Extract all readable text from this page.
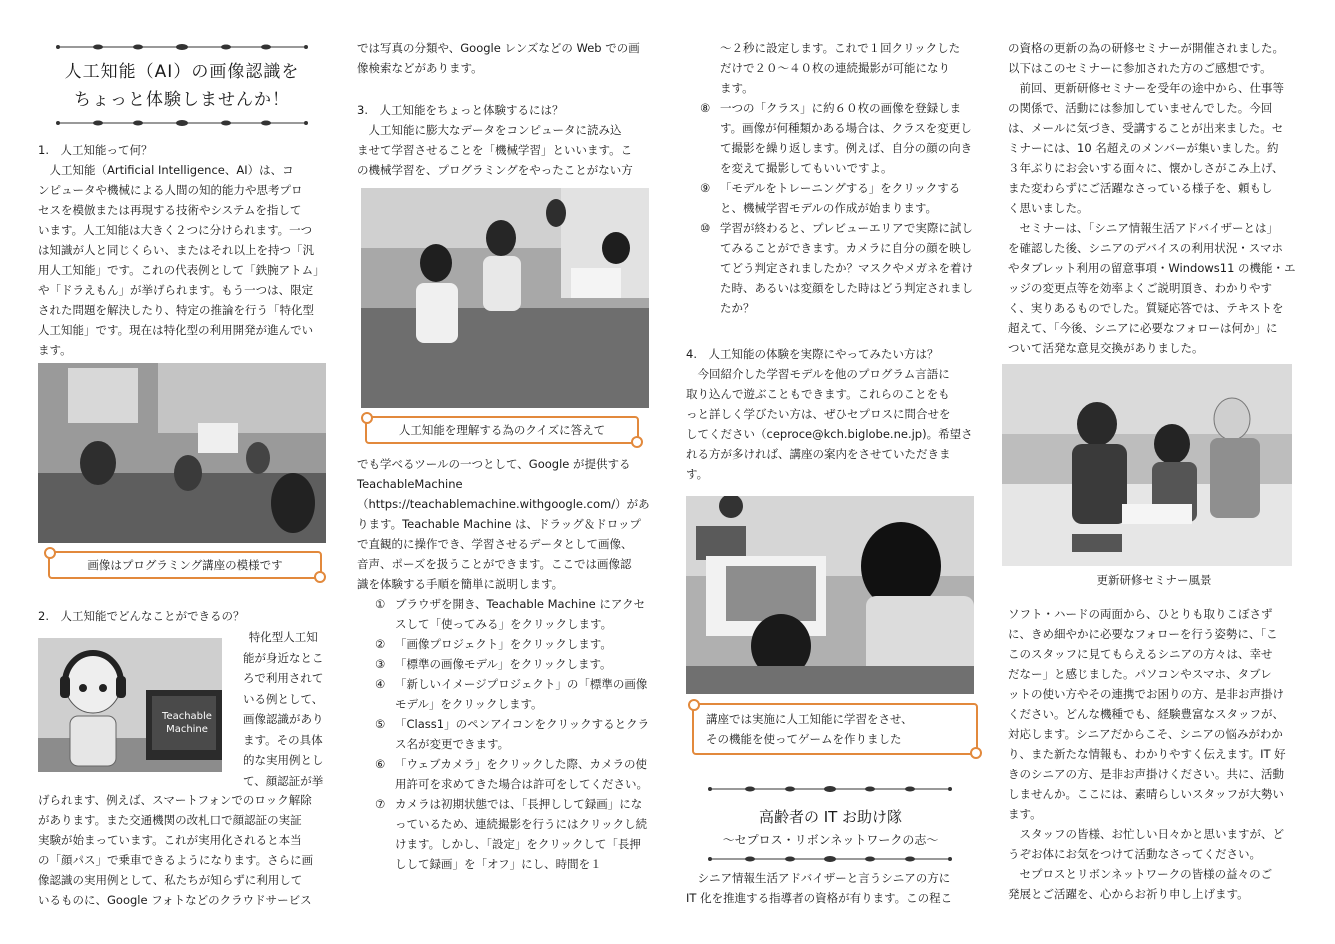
人工知能（AI）の画像認識を
ちょっと体験しませんか！

1.　人工知能って何？

人工知能（Artificial Intelligence、AI）は、コ

ンピュータや機械による人間の知的能力や思考プロ

セスを模倣または再現する技術やシステムを指して

います。人工知能は大きく２つに分けられます。一つ

は知識が人と同じくらい、またはそれ以上を持つ「汎

用人工知能」です。これの代表例として「鉄腕アトム」

や「ドラえもん」が挙げられます。もう一つは、限定

された問題を解決したり、特定の推論を行う「特化型

人工知能」です。現在は特化型の利用開発が進んでい

ます。

画像はプログラミング講座の模様です

2.　人工知能でどんなことができるの？

Teachable Machine

特化型人工知

能が身近なとこ

ろで利用されて

いる例として、

画像認識があり

ます。その具体

的な実用例とし

て、顔認証が挙

げられます、例えば、スマートフォンでのロック解除

があります。また交通機関の改札口で顔認証の実証

実験が始まっています。これが実用化されると本当

の「顔パス」で乗車できるようになります。さらに画

像認識の実用例として、私たちが知らずに利用して

いるものに、Google フォトなどのクラウドサービス

では写真の分類や、Google レンズなどの Web での画

像検索などがあります。

3.　人工知能をちょっと体験するには？

人工知能に膨大なデータをコンピュータに読み込

ませて学習させることを「機械学習」といいます。こ

の機械学習を、プログラミングをやったことがない方

人工知能を理解する為のクイズに答えて

でも学べるツールの一つとして、Google が提供する

TeachableMachine

（https://teachablemachine.withgoogle.com/）があ

ります。Teachable Machine は、ドラッグ＆ドロップ

で直観的に操作でき、学習させるデータとして画像、

音声、ポーズを扱うことができます。ここでは画像認

識を体験する手順を簡単に説明します。

① ブラウザを開き、Teachable Machine にアクセスして「使ってみる」をクリックします。
② 「画像プロジェクト」をクリックします。
③ 「標準の画像モデル」をクリックします。
④ 「新しいイメージプロジェクト」の「標準の画像モデル」をクリックします。
⑤ 「Class1」のペンアイコンをクリックするとクラス名が変更できます。
⑥ 「ウェブカメラ」をクリックした際、カメラの使用許可を求めてきた場合は許可をしてください。
⑦ カメラは初期状態では、「長押しして録画」になっているため、連続撮影を行うにはクリックし続けます。しかし、「設定」をクリックして「長押しして録画」を「オフ」にし、時間を１

～２秒に設定します。これで１回クリックした

だけで２０～４０枚の連続撮影が可能になり

ます。

⑧ 一つの「クラス」に約６０枚の画像を登録します。画像が何種類かある場合は、クラスを変更して撮影を繰り返します。例えば、自分の顔の向きを変えて撮影してもいいですよ。
⑨ 「モデルをトレーニングする」をクリックすると、機械学習モデルの作成が始まります。
⑩ 学習が終わると、プレビューエリアで実際に試してみることができます。カメラに自分の顔を映してどう判定されましたか？マスクやメガネを着けた時、あるいは変顔をした時はどう判定されましたか？

4.　人工知能の体験を実際にやってみたい方は？

今回紹介した学習モデルを他のプログラム言語に

取り込んで遊ぶこともできます。これらのことをも

っと詳しく学びたい方は、ぜひセプロスに問合せを

してください（ceproce@kch.biglobe.ne.jp)。希望さ

れる方が多ければ、講座の案内をさせていただきま

す。

講座では実施に人工知能に学習をさせ、
その機能を使ってゲームを作りました

高齢者の IT お助け隊

～セプロス・リボンネットワークの志～

シニア情報生活アドバイザーと言うシニアの方に

IT 化を推進する指導者の資格が有ります。この程こ

の資格の更新の為の研修セミナーが開催されました。

以下はこのセミナーに参加された方のご感想です。

前回、更新研修セミナーを受年の途中から、仕事等

の関係で、活動には参加していませんでした。今回

は、メールに気づき、受講することが出来ました。セ

ミナーには、10 名超えのメンバーが集いました。約

３年ぶりにお会いする面々に、懐かしさがこみ上げ、

また変わらずにご活躍なさっている様子を、頼もし

く思いました。

セミナーは、「シニア情報生活アドバイザーとは」

を確認した後、シニアのデバイスの利用状況・スマホ

やタブレット利用の留意事項・Windows11 の機能・エ

ッジの変更点等を効率よくご説明頂き、わかりやす

く、実りあるものでした。質疑応答では、テキストを

超えて、「今後、シニアに必要なフォローは何か」に

ついて活発な意見交換がありました。

更新研修セミナー風景

ソフト・ハードの両面から、ひとりも取りこぼさず

に、きめ細やかに必要なフォローを行う姿勢に、「こ

このスタッフに見てもらえるシニアの方々は、幸せ

だなー」と感じました。パソコンやスマホ、タブレ

ットの使い方やその連携でお困りの方、是非お声掛け

ください。どんな機種でも、経験豊富なスタッフが、

対応します。シニアだからこそ、シニアの悩みがわか

り、また新たな情報も、わかりやすく伝えます。IT 好

きのシニアの方、是非お声掛けください。共に、活動

しませんか。ここには、素晴らしいスタッフが大勢い

ます。

スタッフの皆様、お忙しい日々かと思いますが、ど

うぞお体にお気をつけて活動なさってください。

セプロスとリボンネットワークの皆様の益々のご

発展とご活躍を、心からお祈り申し上げます。
